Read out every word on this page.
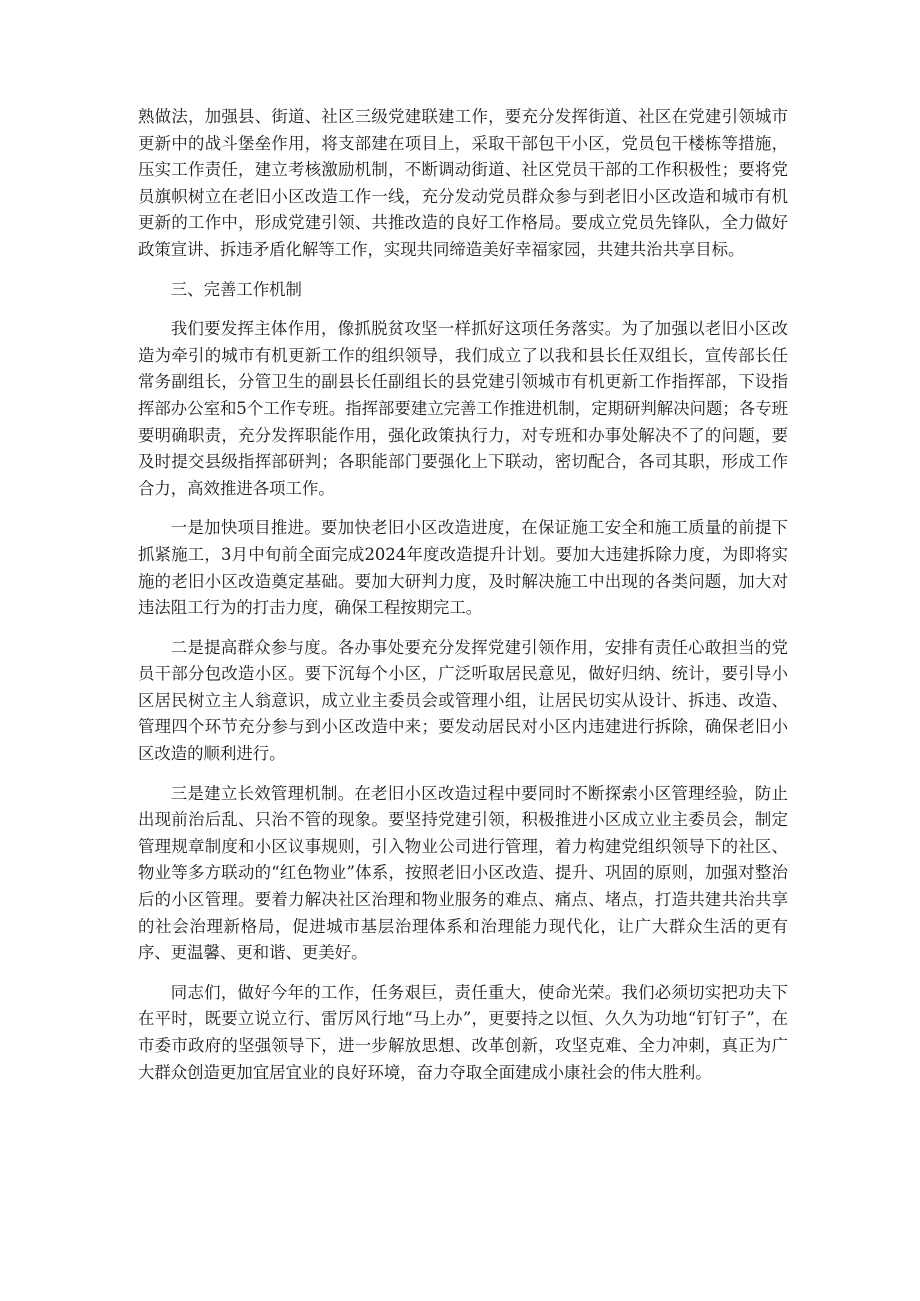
熟做法，加强县、街道、社区三级党建联建工作，要充分发挥街道、社区在党建引领城市更新中的战斗堡垒作用，将支部建在项目上，采取干部包干小区，党员包干楼栋等措施，压实工作责任，建立考核激励机制，不断调动街道、社区党员干部的工作积极性；要将党员旗帜树立在老旧小区改造工作一线，充分发动党员群众参与到老旧小区改造和城市有机更新的工作中，形成党建引领、共推改造的良好工作格局。要成立党员先锋队，全力做好政策宣讲、拆违矛盾化解等工作，实现共同缔造美好幸福家园，共建共治共享目标。

三、完善工作机制

我们要发挥主体作用，像抓脱贫攻坚一样抓好这项任务落实。为了加强以老旧小区改造为牵引的城市有机更新工作的组织领导，我们成立了以我和县长任双组长，宣传部长任常务副组长，分管卫生的副县长任副组长的县党建引领城市有机更新工作指挥部，下设指挥部办公室和5个工作专班。指挥部要建立完善工作推进机制，定期研判解决问题；各专班要明确职责，充分发挥职能作用，强化政策执行力，对专班和办事处解决不了的问题，要及时提交县级指挥部研判；各职能部门要强化上下联动，密切配合，各司其职，形成工作合力，高效推进各项工作。

一是加快项目推进。要加快老旧小区改造进度，在保证施工安全和施工质量的前提下抓紧施工，3月中旬前全面完成2024年度改造提升计划。要加大违建拆除力度，为即将实施的老旧小区改造奠定基础。要加大研判力度，及时解决施工中出现的各类问题，加大对违法阻工行为的打击力度，确保工程按期完工。

二是提高群众参与度。各办事处要充分发挥党建引领作用，安排有责任心敢担当的党员干部分包改造小区。要下沉每个小区，广泛听取居民意见，做好归纳、统计，要引导小区居民树立主人翁意识，成立业主委员会或管理小组，让居民切实从设计、拆违、改造、管理四个环节充分参与到小区改造中来；要发动居民对小区内违建进行拆除，确保老旧小区改造的顺利进行。

三是建立长效管理机制。在老旧小区改造过程中要同时不断探索小区管理经验，防止出现前治后乱、只治不管的现象。要坚持党建引领，积极推进小区成立业主委员会，制定管理规章制度和小区议事规则，引入物业公司进行管理，着力构建党组织领导下的社区、物业等多方联动的“红色物业”体系，按照老旧小区改造、提升、巩固的原则，加强对整治后的小区管理。要着力解决社区治理和物业服务的难点、痛点、堵点，打造共建共治共享的社会治理新格局，促进城市基层治理体系和治理能力现代化，让广大群众生活的更有序、更温馨、更和谐、更美好。

同志们，做好今年的工作，任务艰巨，责任重大，使命光荣。我们必须切实把功夫下在平时，既要立说立行、雷厉风行地“马上办”，更要持之以恒、久久为功地“钉钉子”，在市委市政府的坚强领导下，进一步解放思想、改革创新，攻坚克难、全力冲刺，真正为广大群众创造更加宜居宜业的良好环境，奋力夺取全面建成小康社会的伟大胜利。
